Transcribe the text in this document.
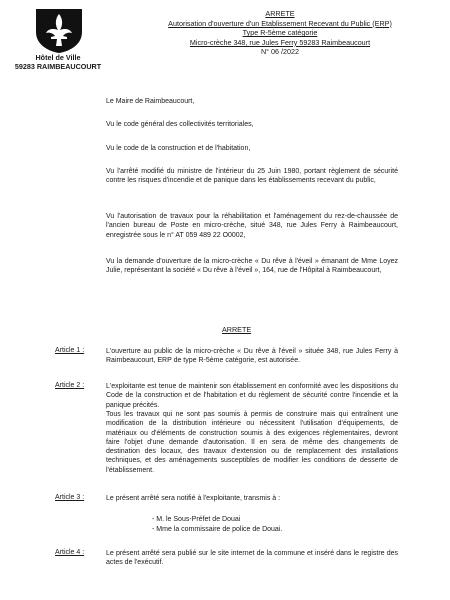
Hôtel de Ville
59283 RAIMBEAUCOURT
ARRETE
Autorisation d'ouverture d'un Etablissement Recevant du Public (ERP)
Type R-5ème catégorie
Micro-crèche 348, rue Jules Ferry 59283 Raimbeaucourt
N° 06 /2022
Le Maire de Raimbeaucourt,
Vu le code général des collectivités territoriales,
Vu le code de la construction et de l'habitation,
Vu l'arrêté modifié du ministre de l'intérieur du 25 Juin 1980, portant règlement de sécurité contre les risques d'incendie et de panique dans les établissements recevant du public,
Vu l'autorisation de travaux pour la réhabilitation et l'aménagement du rez-de-chaussée de l'ancien bureau de Poste en micro-crèche, situé 348, rue Jules Ferry à Raimbeaucourt, enregistrée sous le n° AT 059 489 22 O0002,
Vu la demande d'ouverture de la micro-crèche « Du rêve à l'éveil » émanant de Mme Loyez Julie, représentant la société « Du rêve à l'éveil », 164, rue de l'Hôpital à Raimbeaucourt,
ARRETE
Article 1 :	L'ouverture au public de la micro-crèche « Du rêve à l'éveil » située 348, rue Jules Ferry à Raimbeaucourt, ERP de type R-5ème catégorie, est autorisée.
Article 2 :	L'exploitante est tenue de maintenir son établissement en conformité avec les dispositions du Code de la construction et de l'habitation et du règlement de sécurité contre l'incendie et la panique précités.
Tous les travaux qui ne sont pas soumis à permis de construire mais qui entraînent une modification de la distribution intérieure ou nécessitent l'utilisation d'équipements, de matériaux ou d'éléments de construction soumis à des exigences réglementaires, devront faire l'objet d'une demande d'autorisation. Il en sera de même des changements de destination des locaux, des travaux d'extension ou de remplacement des installations techniques, et des aménagements susceptibles de modifier les conditions de desserte de l'établissement.
Article 3 :	Le présent arrêté sera notifié à l'exploitante, transmis à :
- M. le Sous-Préfet de Douai
- Mme la commissaire de police de Douai.
Article 4 :	Le présent arrêté sera publié sur le site internet de la commune et inséré dans le registre des actes de l'exécutif.
